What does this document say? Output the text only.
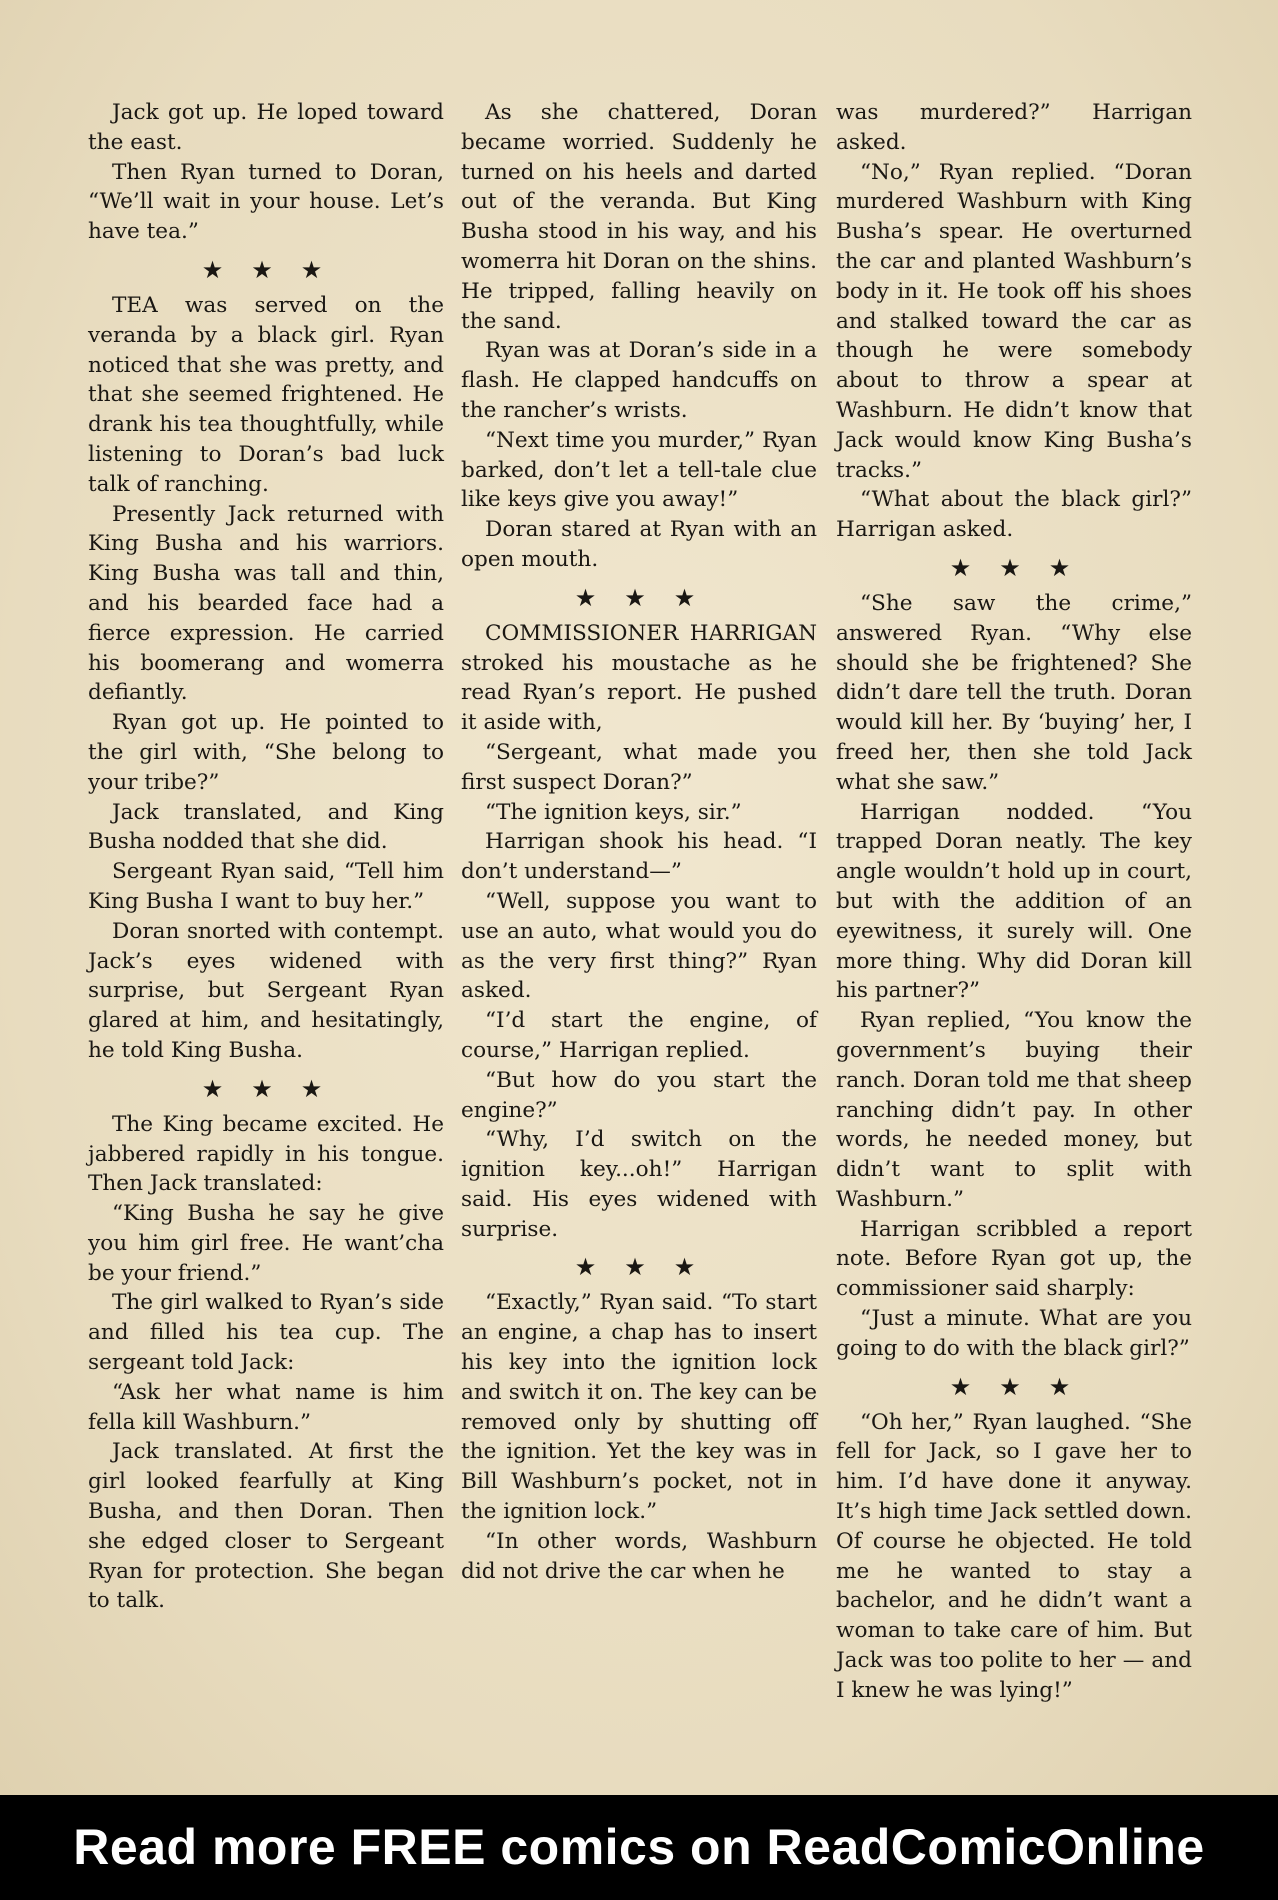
Jack got up. He loped toward the east.

Then Ryan turned to Doran, “We’ll wait in your house. Let’s have tea.”

★★★

TEA was served on the veranda by a black girl. Ryan noticed that she was pretty, and that she seemed frightened. He drank his tea thoughtfully, while listening to Doran’s bad luck talk of ranching.

Presently Jack returned with King Busha and his warriors. King Busha was tall and thin, and his bearded face had a fierce expression. He carried his boomerang and womerra defiantly.

Ryan got up. He pointed to the girl with, “She belong to your tribe?”

Jack translated, and King Busha nodded that she did.

Sergeant Ryan said, “Tell him King Busha I want to buy her.”

Doran snorted with contempt. Jack’s eyes widened with surprise, but Sergeant Ryan glared at him, and hesitatingly, he told King Busha.

★★★

The King became excited. He jabbered rapidly in his tongue. Then Jack translated:

“King Busha he say he give you him girl free. He want’cha be your friend.”

The girl walked to Ryan’s side and filled his tea cup. The sergeant told Jack:

“Ask her what name is him fella kill Washburn.”

Jack translated. At first the girl looked fearfully at King Busha, and then Doran. Then she edged closer to Sergeant Ryan for protection. She began to talk.

As she chattered, Doran became worried. Suddenly he turned on his heels and darted out of the veranda. But King Busha stood in his way, and his womerra hit Doran on the shins. He tripped, falling heavily on the sand.

Ryan was at Doran’s side in a flash. He clapped handcuffs on the rancher’s wrists.

“Next time you murder,” Ryan barked, don’t let a tell-tale clue like keys give you away!”

Doran stared at Ryan with an open mouth.

★★★

COMMISSIONER HARRIGAN stroked his moustache as he read Ryan’s report. He pushed it aside with,

“Sergeant, what made you first suspect Doran?”

“The ignition keys, sir.”

Harrigan shook his head. “I don’t understand—”

“Well, suppose you want to use an auto, what would you do as the very first thing?” Ryan asked.

“I’d start the engine, of course,” Harrigan replied.

“But how do you start the engine?”

“Why, I’d switch on the ignition key...oh!” Harrigan said. His eyes widened with surprise.

★★★

“Exactly,” Ryan said. “To start an engine, a chap has to insert his key into the ignition lock and switch it on. The key can be removed only by shutting off the ignition. Yet the key was in Bill Washburn’s pocket, not in the ignition lock.”

“In other words, Washburn did not drive the car when he

was murdered?” Harrigan asked.

“No,” Ryan replied. “Doran murdered Washburn with King Busha’s spear. He overturned the car and planted Washburn’s body in it. He took off his shoes and stalked toward the car as though he were somebody about to throw a spear at Washburn. He didn’t know that Jack would know King Busha’s tracks.”

“What about the black girl?” Harrigan asked.

★★★

“She saw the crime,” answered Ryan. “Why else should she be frightened? She didn’t dare tell the truth. Doran would kill her. By ‘buying’ her, I freed her, then she told Jack what she saw.”

Harrigan nodded. “You trapped Doran neatly. The key angle wouldn’t hold up in court, but with the addition of an eyewitness, it surely will. One more thing. Why did Doran kill his partner?”

Ryan replied, “You know the government’s buying their ranch. Doran told me that sheep ranching didn’t pay. In other words, he needed money, but didn’t want to split with Washburn.”

Harrigan scribbled a report note. Before Ryan got up, the commissioner said sharply:

“Just a minute. What are you going to do with the black girl?”

★★★

“Oh her,” Ryan laughed. “She fell for Jack, so I gave her to him. I’d have done it anyway. It’s high time Jack settled down. Of course he objected. He told me he wanted to stay a bachelor, and he didn’t want a woman to take care of him. But Jack was too polite to her — and I knew he was lying!”

Read more FREE comics on ReadComicOnline
